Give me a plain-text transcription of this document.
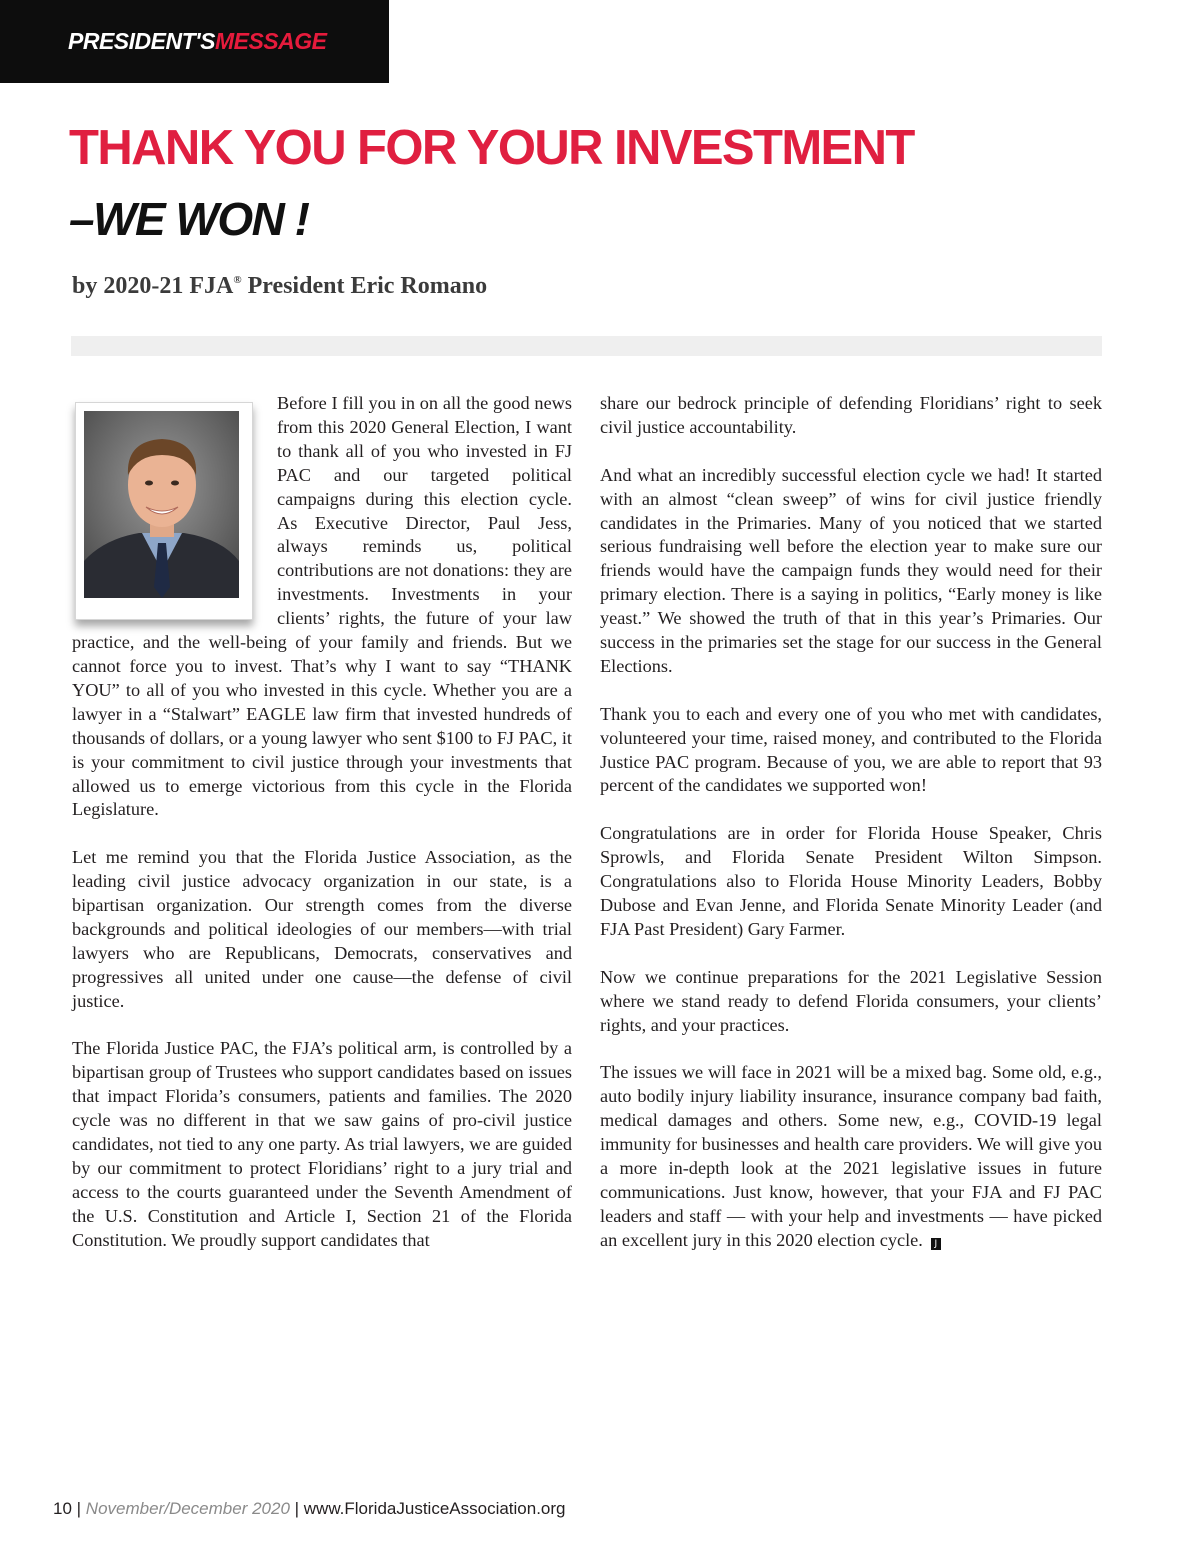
PRESIDENT'SMESSAGE
THANK YOU FOR YOUR INVESTMENT
–WE WON !
by 2020-21 FJA® President Eric Romano

Before I fill you in on all the good news from this 2020 General Election, I want to thank all of you who invested in FJ PAC and our targeted political campaigns during this election cycle. As Executive Director, Paul Jess, always reminds us, political contributions are not donations: they are investments. Investments in your clients’ rights, the future of your law practice, and the well-being of your family and friends. But we cannot force you to invest. That’s why I want to say “THANK YOU” to all of you who invested in this cycle. Whether you are a lawyer in a “Stalwart” EAGLE law firm that invested hundreds of thousands of dollars, or a young lawyer who sent $100 to FJ PAC, it is your commitment to civil justice through your investments that allowed us to emerge victorious from this cycle in the Florida Legislature.

Let me remind you that the Florida Justice Association, as the leading civil justice advocacy organization in our state, is a bipartisan organization. Our strength comes from the diverse backgrounds and political ideologies of our members—with trial lawyers who are Republicans, Democrats, conservatives and progressives all united under one cause—the defense of civil justice.

The Florida Justice PAC, the FJA’s political arm, is controlled by a bipartisan group of Trustees who support candidates based on issues that impact Florida’s consumers, patients and families. The 2020 cycle was no different in that we saw gains of pro-civil justice candidates, not tied to any one party. As trial lawyers, we are guided by our commitment to protect Floridians’ right to a jury trial and access to the courts guaranteed under the Seventh Amendment of the U.S. Constitution and Article I, Section 21 of the Florida Constitution. We proudly support candidates that

share our bedrock principle of defending Floridians’ right to seek civil justice accountability.

And what an incredibly successful election cycle we had! It started with an almost “clean sweep” of wins for civil justice friendly candidates in the Primaries. Many of you noticed that we started serious fundraising well before the election year to make sure our friends would have the campaign funds they would need for their primary election. There is a saying in politics, “Early money is like yeast.” We showed the truth of that in this year’s Primaries. Our success in the primaries set the stage for our success in the General Elections.

Thank you to each and every one of you who met with candidates, volunteered your time, raised money, and contributed to the Florida Justice PAC program. Because of you, we are able to report that 93 percent of the candidates we supported won!

Congratulations are in order for Florida House Speaker, Chris Sprowls, and Florida Senate President Wilton Simpson. Congratulations also to Florida House Minority Leaders, Bobby Dubose and Evan Jenne, and Florida Senate Minority Leader (and FJA Past President) Gary Farmer.

Now we continue preparations for the 2021 Legislative Session where we stand ready to defend Florida consumers, your clients’ rights, and your practices.

The issues we will face in 2021 will be a mixed bag. Some old, e.g., auto bodily injury liability insurance, insurance company bad faith, medical damages and others. Some new, e.g., COVID-19 legal immunity for businesses and health care providers. We will give you a more in-depth look at the 2021 legislative issues in future communications. Just know, however, that your FJA and FJ PAC leaders and staff — with your help and investments — have picked an excellent jury in this 2020 election cycle. J

10 | November/December 2020 | www.FloridaJusticeAssociation.org
